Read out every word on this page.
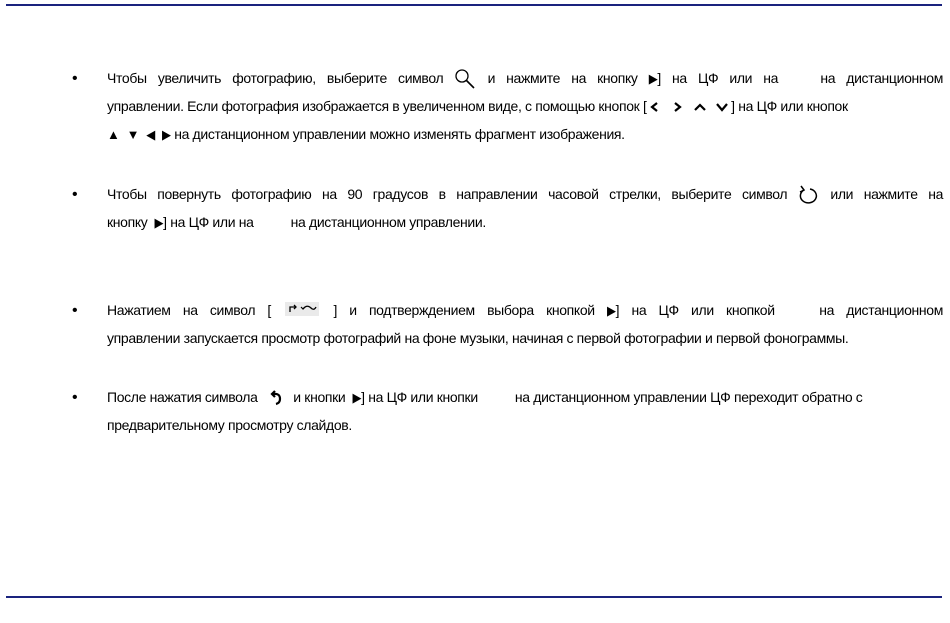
• Чтобы увеличить фотографию, выберите символ	и нажмите на кнопку ▶] на ЦФ или на	на дистанционном
управлении. Если фотография изображается в увеличенном виде, с помощью кнопок [

	] на ЦФ или кнопок
▲ ▼ ◀ ▶ на дистанционном управлении можно изменять фрагмент изображения.
• Чтобы повернуть фотографию на 90 градусов в направлении часовой стрелки, выберите символ	или нажмите на
кнопку ▶] на ЦФ или на	на дистанционном управлении.
• Нажатием на символ [	] и подтверждением выбора кнопкой ▶] на ЦФ или кнопкой	на дистанционном
управлении запускается просмотр фотографий на фоне музыки, начиная с первой фотографии и первой фонограммы.
• После нажатия символа	и кнопки ▶] на ЦФ или кнопки	на дистанционном управлении ЦФ переходит обратно с
предварительному просмотру слайдов.
